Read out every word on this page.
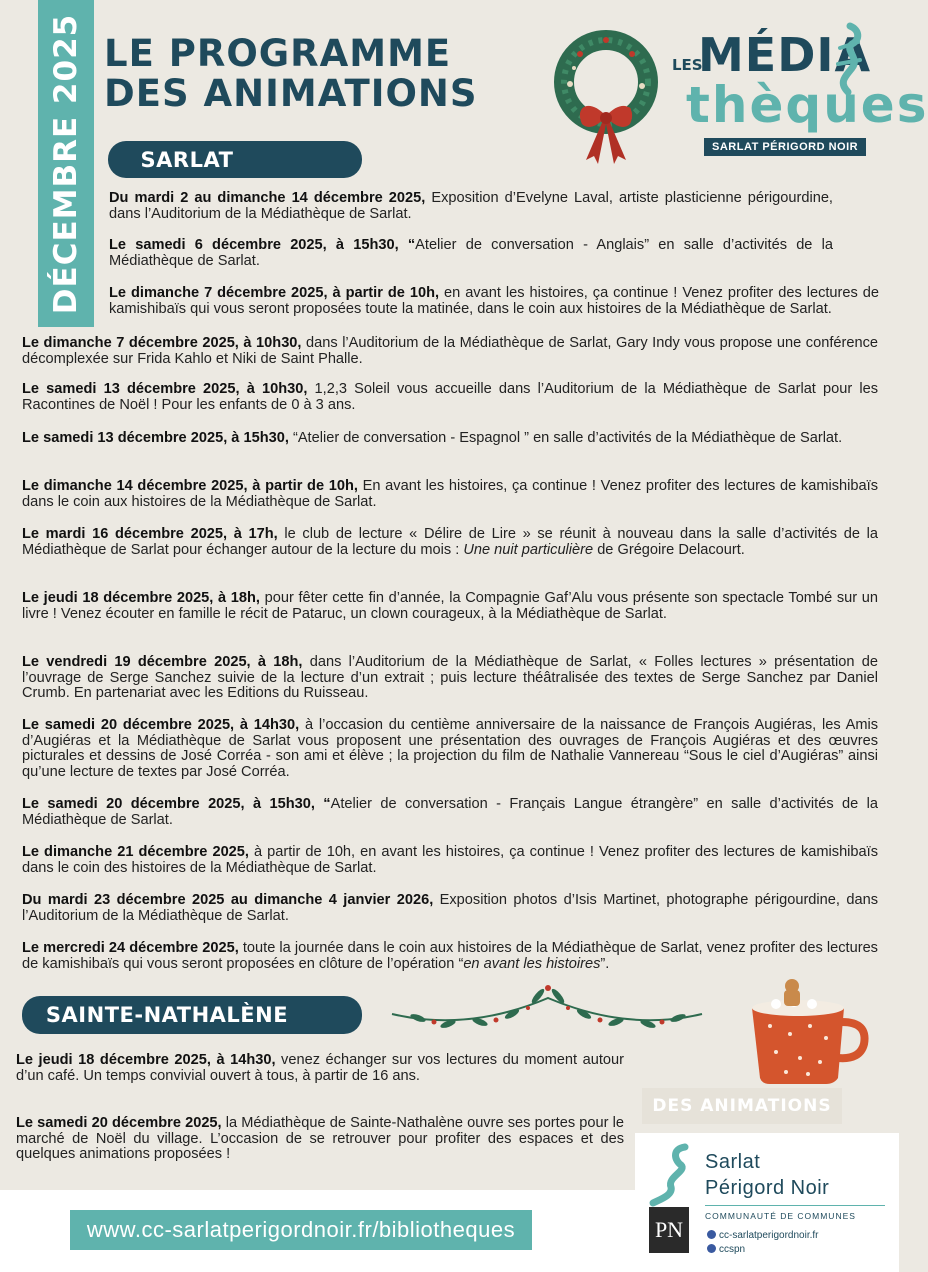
DÉCEMBRE 2025 LE PROGRAMME
DES ANIMATIONS
LES
MÉDIA
thèques
SARLAT PÉRIGORD NOIR
SARLAT
Du mardi 2 au dimanche 14 décembre 2025, Exposition d’Evelyne Laval, artiste plasticienne périgourdine, dans l’Auditorium de la Médiathèque de Sarlat.
Le samedi 6 décembre 2025, à 15h30, “Atelier de conversation - Anglais” en salle d’activités de la Médiathèque de Sarlat.
Le dimanche 7 décembre 2025, à partir de 10h, en avant les histoires, ça continue ! Venez profiter des lectures de kamishibaïs qui vous seront proposées toute la matinée, dans le coin aux histoires de la Médiathèque de Sarlat.
Le dimanche 7 décembre 2025, à 10h30, dans l’Auditorium de la Médiathèque de Sarlat, Gary Indy vous propose une conférence décomplexée sur Frida Kahlo et Niki de Saint Phalle.
Le samedi 13 décembre 2025, à 10h30, 1,2,3 Soleil vous accueille dans l’Auditorium de la Médiathèque de Sarlat pour les Racontines de Noël ! Pour les enfants de 0 à 3 ans.
Le samedi 13 décembre 2025, à 15h30, “Atelier de conversation - Espagnol ” en salle d’activités de la Médiathèque de Sarlat.
Le dimanche 14 décembre 2025, à partir de 10h, En avant les histoires, ça continue ! Venez profiter des lectures de kamishibaïs dans le coin aux histoires de la Médiathèque de Sarlat.
Le mardi 16 décembre 2025, à 17h, le club de lecture « Délire de Lire » se réunit à nouveau dans la salle d’activités de la Médiathèque de Sarlat pour échanger autour de la lecture du mois : Une nuit particulière de Grégoire Delacourt.
Le jeudi 18 décembre 2025, à 18h, pour fêter cette fin d’année, la Compagnie Gaf’Alu vous présente son spectacle Tombé sur un livre ! Venez écouter en famille le récit de Pataruc, un clown courageux, à la Médiathèque de Sarlat.
Le vendredi 19 décembre 2025, à 18h, dans l’Auditorium de la Médiathèque de Sarlat, « Folles lectures » présentation de l’ouvrage de Serge Sanchez suivie de la lecture d’un extrait ; puis lecture théâtralisée des textes de Serge Sanchez par Daniel Crumb. En partenariat avec les Editions du Ruisseau.
Le samedi 20 décembre 2025, à 14h30, à l’occasion du centième anniversaire de la naissance de François Augiéras, les Amis d’Augiéras et la Médiathèque de Sarlat vous proposent une présentation des ouvrages de François Augiéras et des œuvres picturales et dessins de José Corréa - son ami et élève ; la projection du film de Nathalie Vannereau “Sous le ciel d’Augiéras” ainsi qu’une lecture de textes par José Corréa.
Le samedi 20 décembre 2025, à 15h30, “Atelier de conversation - Français Langue étrangère” en salle d’activités de la Médiathèque de Sarlat.
Le dimanche 21 décembre 2025, à partir de 10h, en avant les histoires, ça continue ! Venez profiter des lectures de kamishibaïs dans le coin des histoires de la Médiathèque de Sarlat.
Du mardi 23 décembre 2025 au dimanche 4 janvier 2026, Exposition photos d’Isis Martinet, photographe périgourdine, dans l’Auditorium de la Médiathèque de Sarlat.
Le mercredi 24 décembre 2025, toute la journée dans le coin aux histoires de la Médiathèque de Sarlat, venez profiter des lectures de kamishibaïs qui vous seront proposées en clôture de l’opération “en avant les histoires”.
SAINTE-NATHALÈNE
DES ANIMATIONS
Le jeudi 18 décembre 2025, à 14h30, venez échanger sur vos lectures du moment autour d’un café. Un temps convivial ouvert à tous, à partir de 16 ans.
Le samedi 20 décembre 2025, la Médiathèque de Sainte-Nathalène ouvre ses portes pour le marché de Noël du village. L’occasion de se retrouver pour profiter des espaces et des quelques animations proposées !
www.cc-sarlatperigordnoir.fr/bibliotheques
Sarlat
Périgord Noir
COMMUNAUTÉ DE COMMUNES
PN	cc-sarlatperigordnoir.fr
ccspn
